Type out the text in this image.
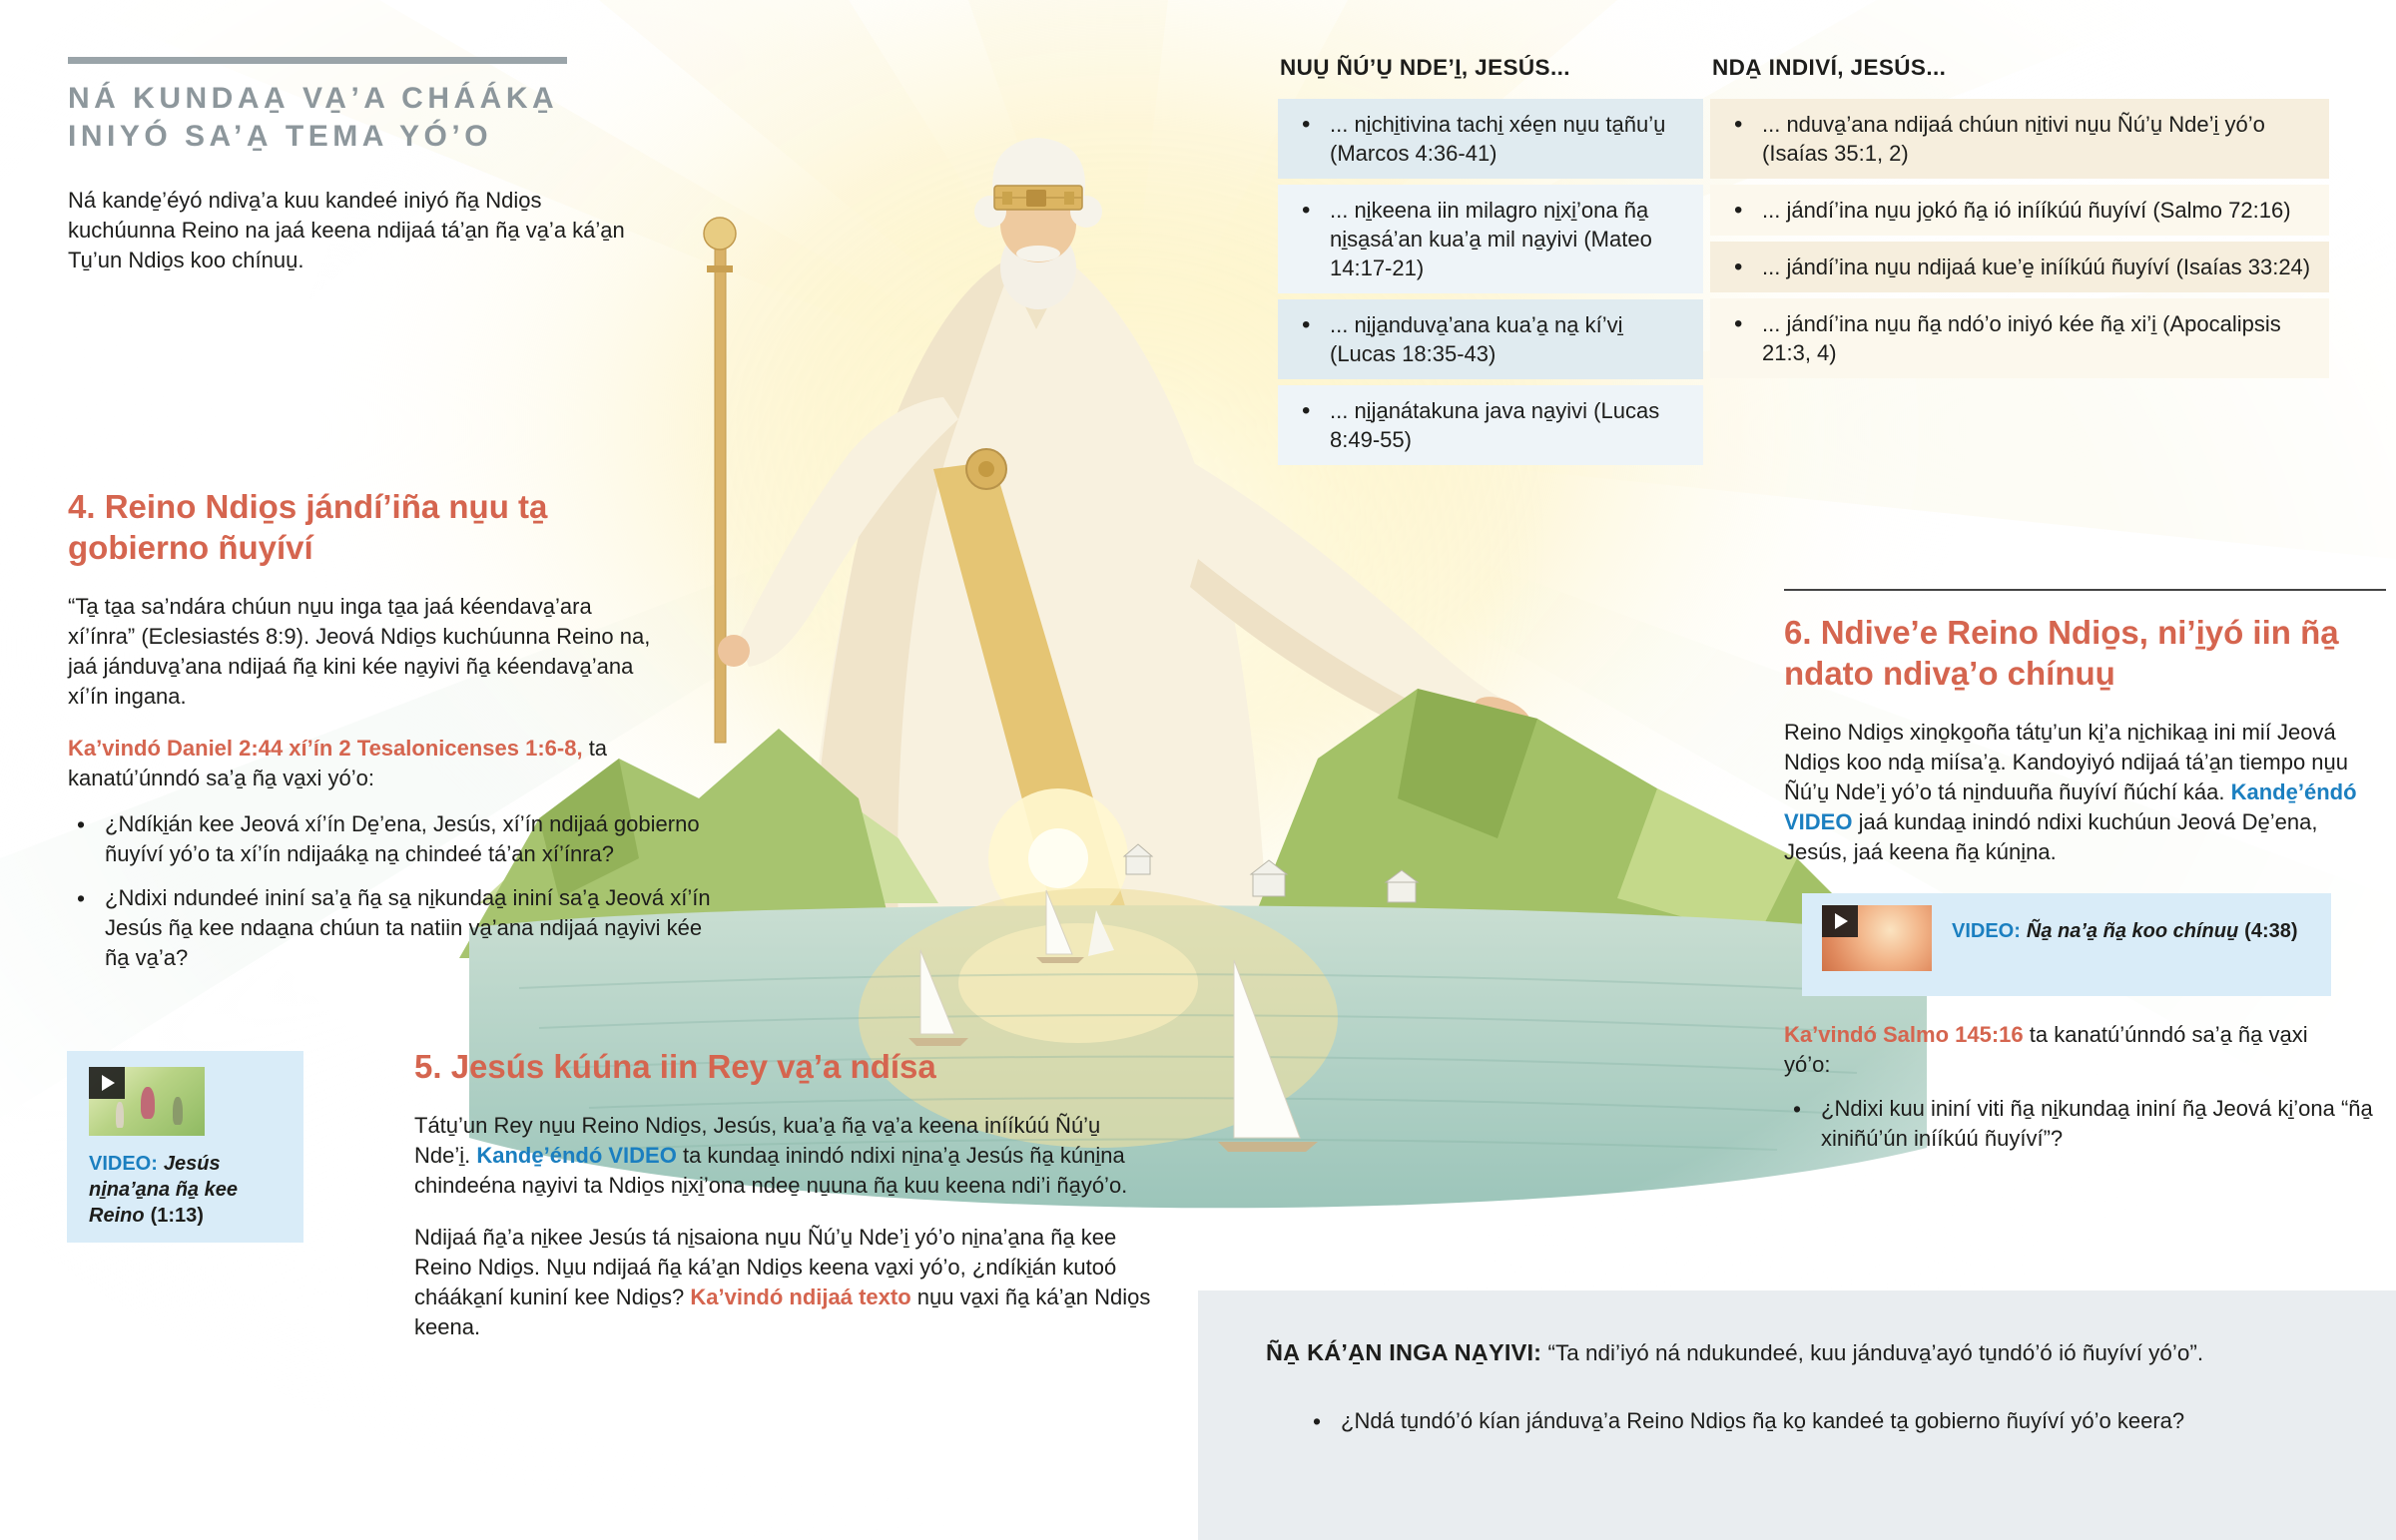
NÁ KUNDAA̱ VA̱’A CHÁÁKA̱ INIYÓ SA’A̱ TEMA YÓ’O
Ná kande̱’éyó ndiva̱’a kuu kandeé iniyó ña̱ Ndio̱s kuchúunna Reino na jaá keena ndijaá tá’a̱n ña̱ va̱’a ká’a̱n Tu̱’un Ndio̱s koo chínuu̱.
NUU̱ ÑÚ’U̱ NDE’I̱, JESÚS...
• ... ni̱chi̱tivina tachi̱ xée̱n nu̱u ta̱ñu’u̱ (Marcos 4:36-41)
• ... ni̱keena iin milagro ni̱xi̱’ona ña̱ ni̱sa̱sá’an kua’a̱ mil na̱yivi (Mateo 14:17-21)
• ... ni̱ja̱nduva̱’ana kua’a̱ na̱ kí’vi̱ (Lucas 18:35-43)
• ... ni̱ja̱nátakuna java na̱yivi (Lucas 8:49-55)
NDA̱ INDIVÍ, JESÚS...
• ... nduva̱’ana ndijaá chúun ni̱tivi nu̱u Ñú’u̱ Nde’i̱ yó’o (Isaías 35:1, 2)
• ... jándí’ina nu̱u jo̱kó ña̱ ió inííkúú ñuyíví (Salmo 72:16)
• ... jándí’ina nu̱u ndijaá kue’e̱ inííkúú ñuyíví (Isaías 33:24)
• ... jándí’ina nu̱u ña̱ ndó’o iniyó kée ña̱ xi’i̱ (Apocalipsis 21:3, 4)
4. Reino Ndio̱s jándí’iña nu̱u ta̱ gobierno ñuyíví

“Ta̱ ta̱a sa’ndára chúun nu̱u inga ta̱a jaá kéendava̱’ara xí’ínra” (Eclesiastés 8:9). Jeová Ndio̱s kuchúunna Reino na, jaá jánduva̱’ana ndijaá ña̱ kini kée na̱yivi ña̱ kéendava̱’ana xí’ín ingana.

Ka’vindó Daniel 2:44 xí’ín 2 Tesalonicenses 1:6-8, ta kanatú’únndó sa’a̱ ña̱ va̱xi yó’o:

• ¿Ndíki̱án kee Jeová xí’ín De̱’ena, Jesús, xí’ín ndijaá gobierno ñuyíví yó’o ta xí’ín ndijaáka̱ na̱ chindeé tá’an xí’ínra?
• ¿Ndixi ndundeé ininí sa’a̱ ña̱ sa̱ ni̱kundaa̱ ininí sa’a̱ Jeová xí’ín Jesús ña̱ kee ndaa̱na chúun ta natiin va̱’ana ndijaá na̱yivi kée ña̱ va̱’a?
VIDEO: Jesús ni̱na’a̱na ña̱ kee Reino (1:13)
5. Jesús kúúna iin Rey va̱’a ndísa

Tátu̱’un Rey nu̱u Reino Ndio̱s, Jesús, kua’a̱ ña̱ va̱’a keena inííkúú Ñú’u̱ Nde’i̱. Kande̱’éndó VIDEO ta kundaa̱ inindó ndixi ni̱na’a̱ Jesús ña̱ kúni̱na chindeéna na̱yivi ta Ndio̱s ni̱xi̱’ona ndee̱ nu̱una ña̱ kuu keena ndi’i ña̱yó’o.

Ndijaá ña̱’a ni̱kee Jesús tá ni̱saiona nu̱u Ñú’u̱ Nde’i̱ yó’o ni̱na’a̱na ña̱ kee Reino Ndio̱s. Nu̱u ndijaá ña̱ ká’a̱n Ndio̱s keena va̱xi yó’o, ¿ndíki̱án kutoó chááka̱ní kuniní kee Ndio̱s? Ka’vindó ndijaá texto nu̱u va̱xi ña̱ ká’a̱n Ndio̱s keena.

6. Ndive’e Reino Ndio̱s, ni’i̱yó iin ña̱ ndato ndiva̱’o chínuu̱

Reino Ndio̱s xino̱ko̱oña tátu̱’un ki̱’a ni̱chikaa̱ ini mií Jeová Ndio̱s koo nda̱ miísa’a̱. Kandoyiyó ndijaá tá’a̱n tiempo nu̱u Ñú’u̱ Nde’i̱ yó’o tá ni̱nduuña ñuyíví ñúchí káa. Kande̱’éndó VIDEO jaá kundaa̱ inindó ndixi kuchúun Jeová De̱’ena, Jesús, jaá keena ña̱ kúni̱na.

VIDEO: Ña̱ na’a̱ ña̱ koo chínuu̱ (4:38)

Ka’vindó Salmo 145:16 ta kanatú’únndó sa’a̱ ña̱ va̱xi yó’o:

• ¿Ndixi kuu ininí viti ña̱ ni̱kundaa̱ ininí ña̱ Jeová ki̱’ona “ña̱ xiniñú’ún inííkúú ñuyíví”?
ÑA̱ KÁ’A̱N INGA NA̱YIVI: “Ta ndi’iyó ná ndukundeé, kuu jánduva̱’ayó tu̱ndó’ó ió ñuyíví yó’o”.
• ¿Ndá tu̱ndó’ó kían jánduva̱’a Reino Ndio̱s ña̱ ko̱ kandeé ta̱ gobierno ñuyíví yó’o keera?
